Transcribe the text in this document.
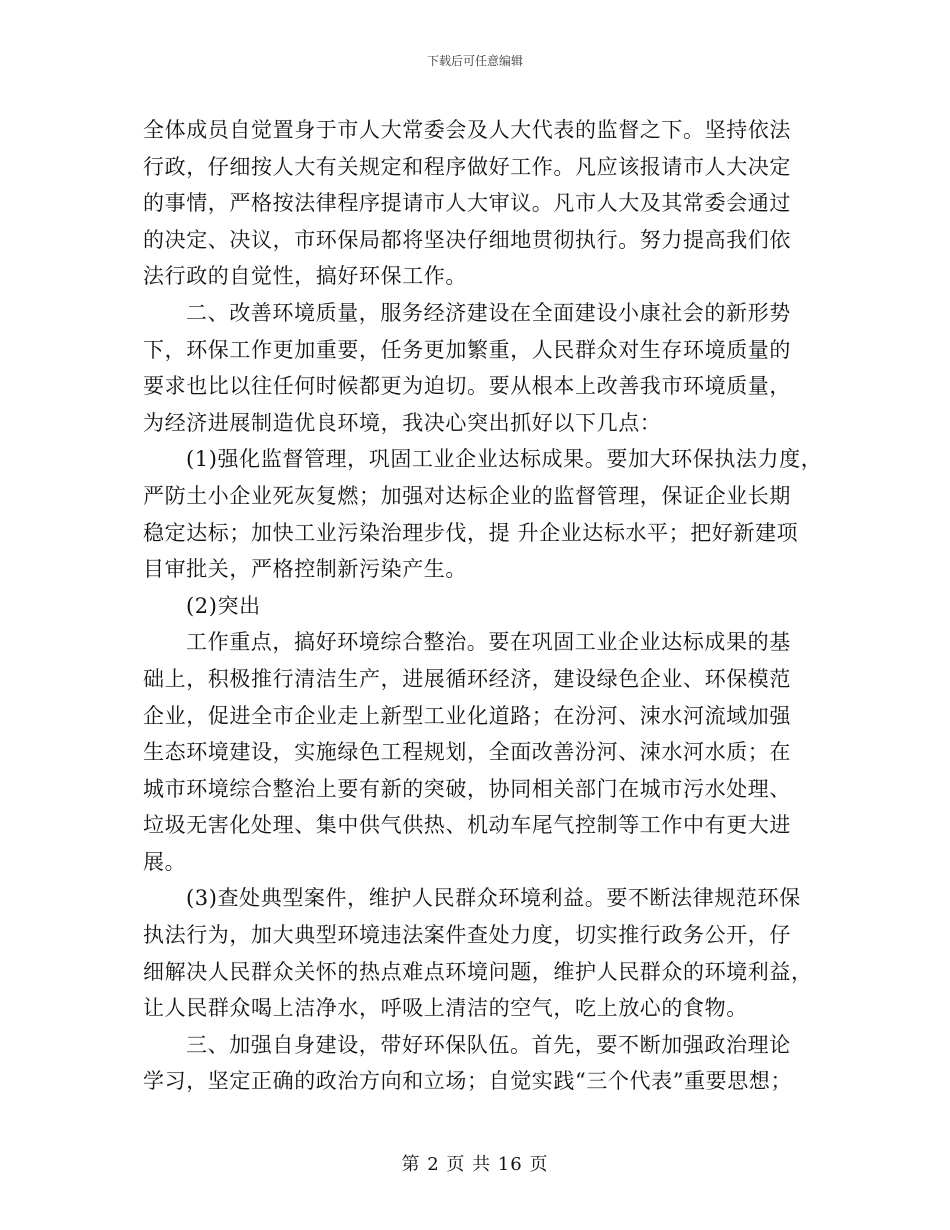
下载后可任意编辑
全体成员自觉置身于市人大常委会及人大代表的监督之下。坚持依法
行政，仔细按人大有关规定和程序做好工作。凡应该报请市人大决定
的事情，严格按法律程序提请市人大审议。凡市人大及其常委会通过
的决定、决议，市环保局都将坚决仔细地贯彻执行。努力提高我们依
法行政的自觉性，搞好环保工作。
二、改善环境质量，服务经济建设在全面建设小康社会的新形势
下，环保工作更加重要，任务更加繁重，人民群众对生存环境质量的
要求也比以往任何时候都更为迫切。要从根本上改善我市环境质量，
为经济进展制造优良环境，我决心突出抓好以下几点：
(1)强化监督管理，巩固工业企业达标成果。要加大环保执法力度，
严防土小企业死灰复燃；加强对达标企业的监督管理，保证企业长期
稳定达标；加快工业污染治理步伐，提 升企业达标水平；把好新建项
目审批关，严格控制新污染产生。
(2)突出
工作重点，搞好环境综合整治。要在巩固工业企业达标成果的基
础上，积极推行清洁生产，进展循环经济，建设绿色企业、环保模范
企业，促进全市企业走上新型工业化道路；在汾河、涑水河流域加强
生态环境建设，实施绿色工程规划，全面改善汾河、涑水河水质；在
城市环境综合整治上要有新的突破，协同相关部门在城市污水处理、
垃圾无害化处理、集中供气供热、机动车尾气控制等工作中有更大进
展。
(3)查处典型案件，维护人民群众环境利益。要不断法律规范环保
执法行为，加大典型环境违法案件查处力度，切实推行政务公开，仔
细解决人民群众关怀的热点难点环境问题，维护人民群众的环境利益，
让人民群众喝上洁净水，呼吸上清洁的空气，吃上放心的食物。
三、加强自身建设，带好环保队伍。首先，要不断加强政治理论
学习，坚定正确的政治方向和立场；自觉实践“三个代表”重要思想；
第 2 页 共 16 页
